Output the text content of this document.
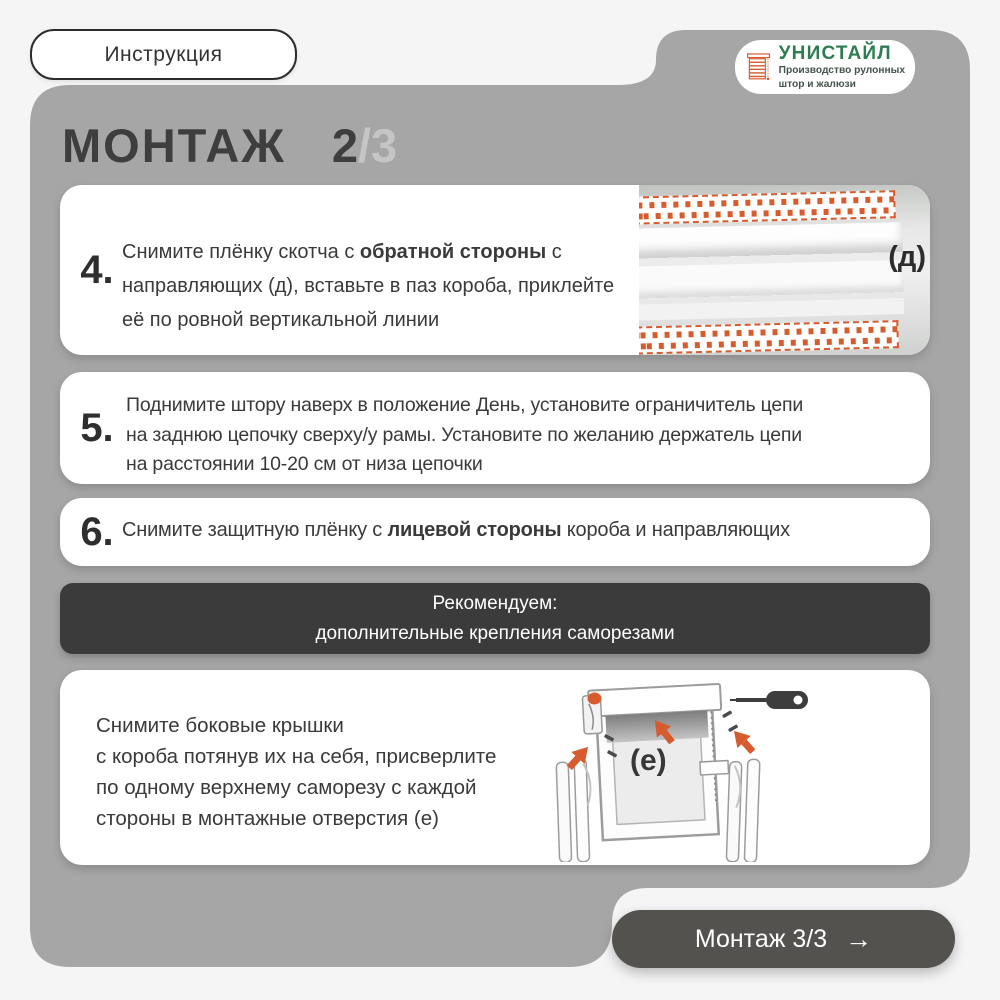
Инструкция	УНИСТАЙЛ
Производство рулонных
штор и жалюзи
МОНТАЖ 2/3
4. Снимите плёнку скотча с обратной стороны с направляющих (д), вставьте в паз короба, приклейте её по ровной вертикальной линии
(д)
5.
Поднимите штору наверх в положение День, установите ограничитель цепи
на заднюю цепочку сверху/у рамы. Установите по желанию держатель цепи
на расстоянии 10-20 см от низа цепочки
6. Снимите защитную плёнку с лицевой стороны короба и направляющих
Рекомендуем:
дополнительные крепления саморезами
Снимите боковые крышки
с короба потянув их на себя, присверлите
по одному верхнему саморезу с каждой
стороны в монтажные отверстия (е)
(е)
Монтаж 3/3 →
